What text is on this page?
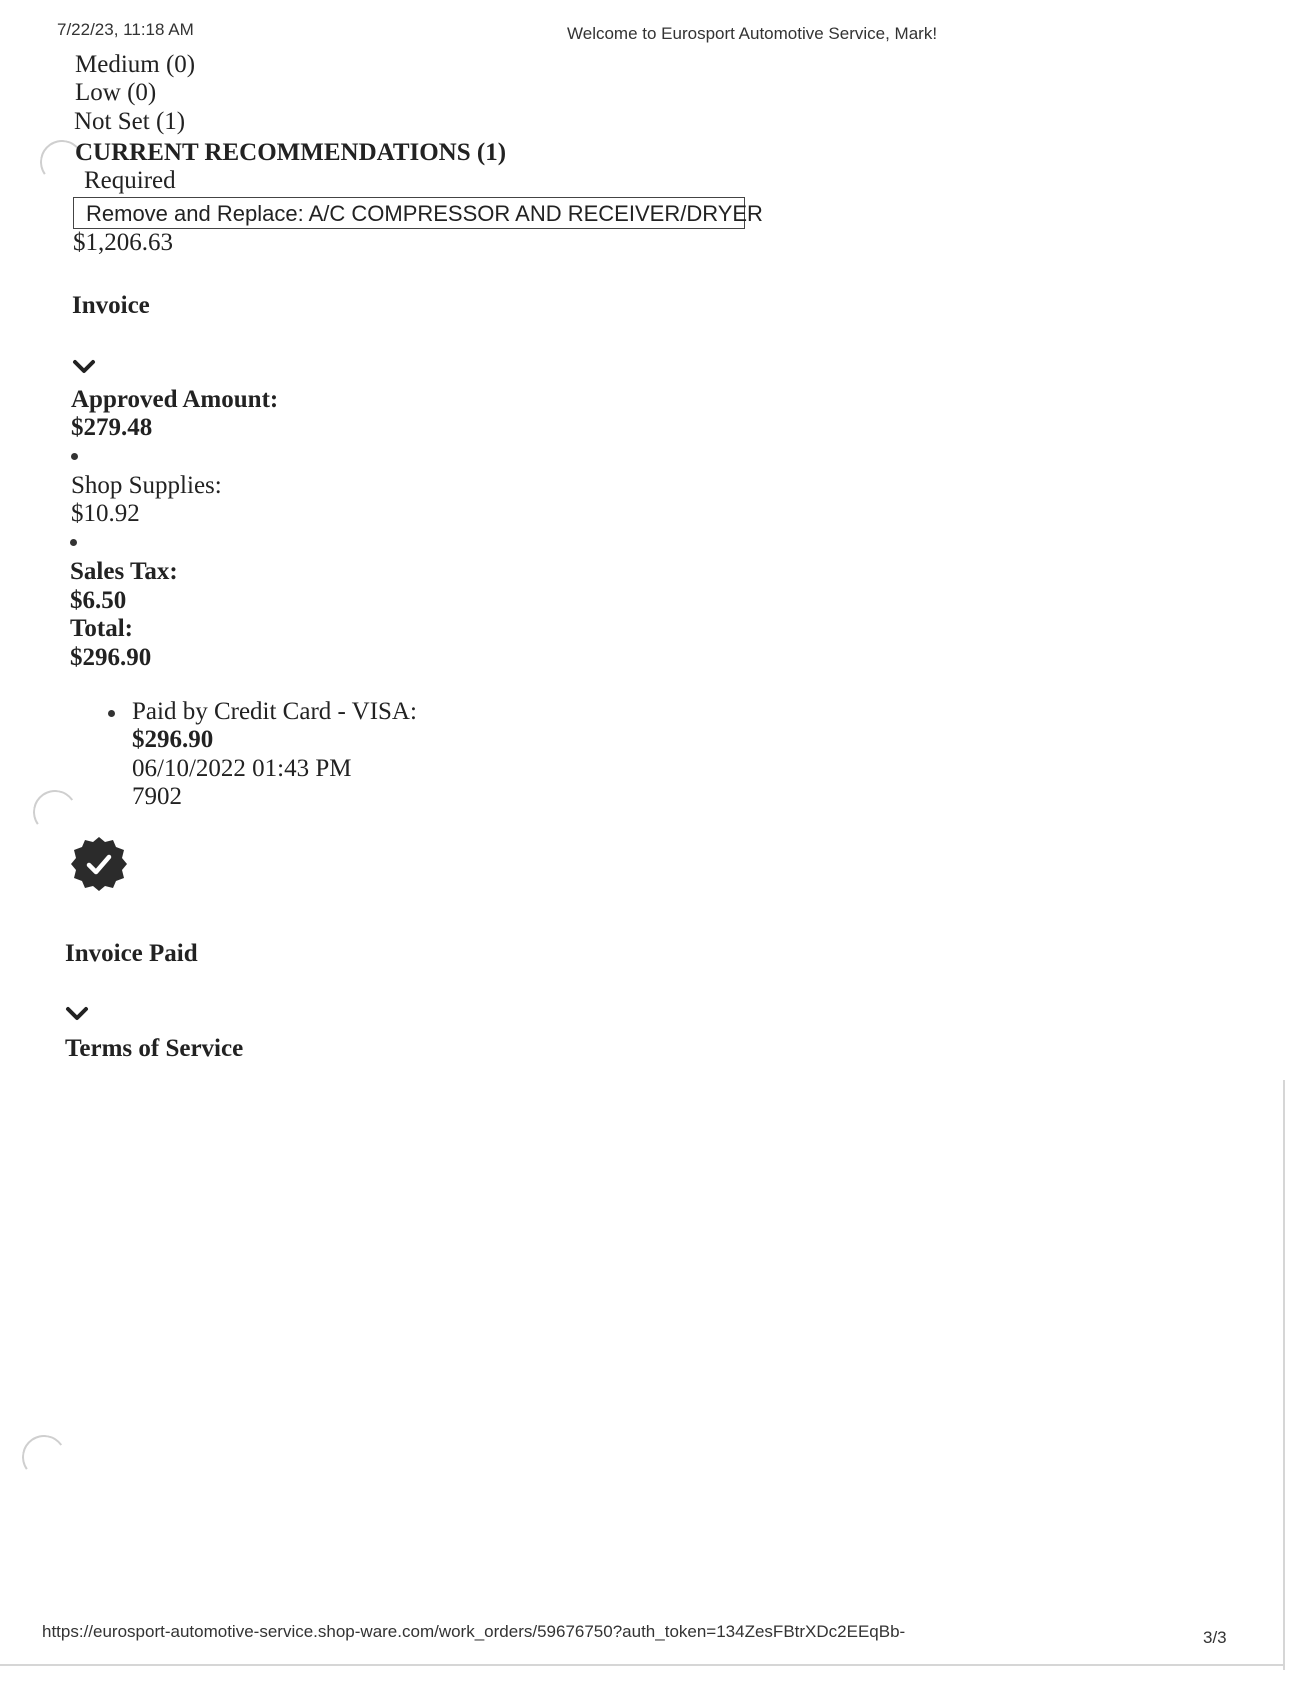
7/22/23, 11:18 AM	Welcome to Eurosport Automotive Service, Mark!
Medium (0)
Low (0)
Not Set (1)
CURRENT RECOMMENDATIONS (1)
Required
Remove and Replace: A/C COMPRESSOR AND RECEIVER/DRYER
$1,206.63
Invoice
Approved Amount:
$279.48
Shop Supplies:
$10.92
Sales Tax:
$6.50
Total:
$296.90
Paid by Credit Card - VISA:
$296.90
06/10/2022 01:43 PM
7902
Invoice Paid
Terms of Service
https://eurosport-automotive-service.shop-ware.com/work_orders/59676750?auth_token=134ZesFBtrXDc2EEqBb-	3/3
